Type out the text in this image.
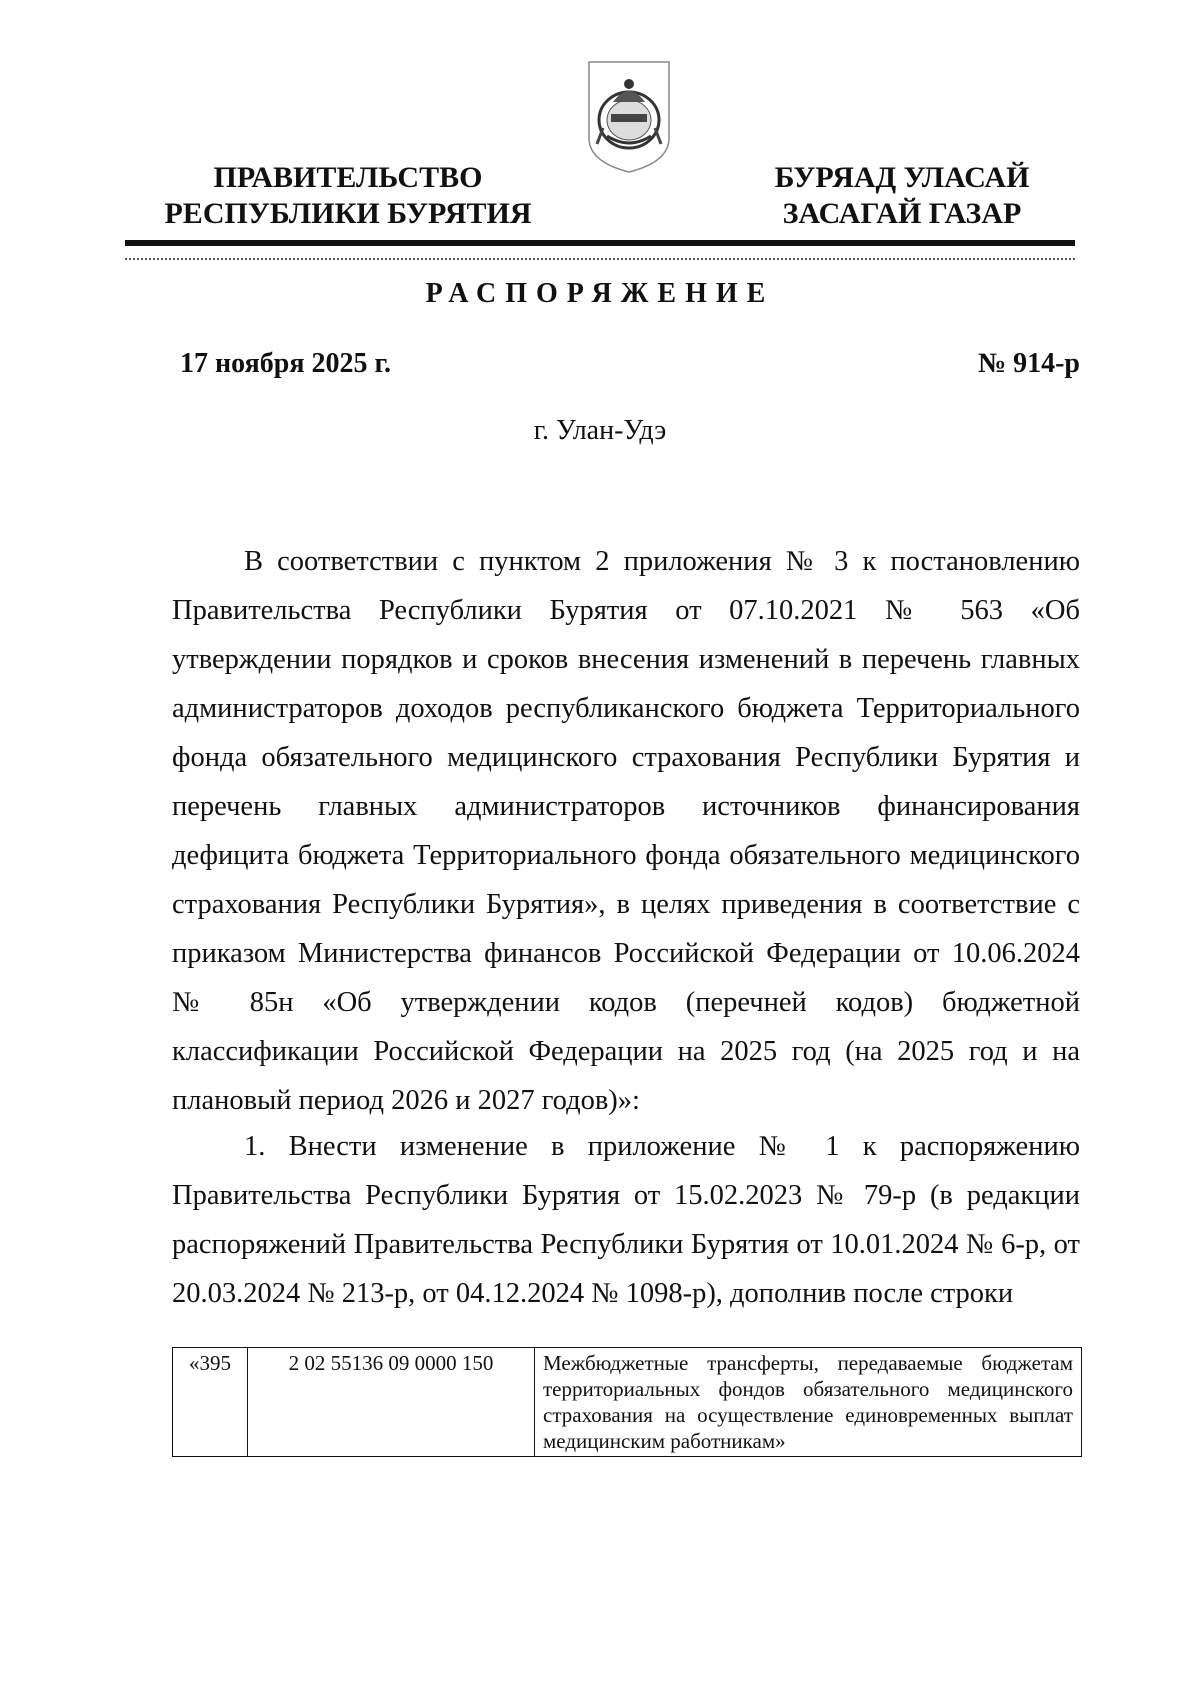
ПРАВИТЕЛЬСТВО
РЕСПУБЛИКИ БУРЯТИЯ
БУРЯАД УЛАСАЙ
ЗАСАГАЙ ГАЗАР
РАСПОРЯЖЕНИЕ
17 ноября 2025 г.	№ 914-р
г. Улан-Удэ
В соответствии с пунктом 2 приложения № 3 к постановлению Правительства Республики Бурятия от 07.10.2021 № 563 «Об утверждении порядков и сроков внесения изменений в перечень главных администраторов доходов республиканского бюджета Территориального фонда обязательного медицинского страхования Республики Бурятия и перечень главных администраторов источников финансирования дефицита бюджета Территориального фонда обязательного медицинского страхования Республики Бурятия», в целях приведения в соответствие с приказом Министерства финансов Российской Федерации от 10.06.2024 № 85н «Об утверждении кодов (перечней кодов) бюджетной классификации Российской Федерации на 2025 год (на 2025 год и на плановый период 2026 и 2027 годов)»:
1. Внести изменение в приложение № 1 к распоряжению Правительства Республики Бурятия от 15.02.2023 № 79-р (в редакции распоряжений Правительства Республики Бурятия от 10.01.2024 № 6-р, от 20.03.2024 № 213-р, от 04.12.2024 № 1098-р), дополнив после строки
«395	2 02 55136 09 0000 150	Межбюджетные трансферты, передаваемые бюджетам территориальных фондов обязательного медицинского страхования на осуществление единовременных выплат медицинским работникам»
